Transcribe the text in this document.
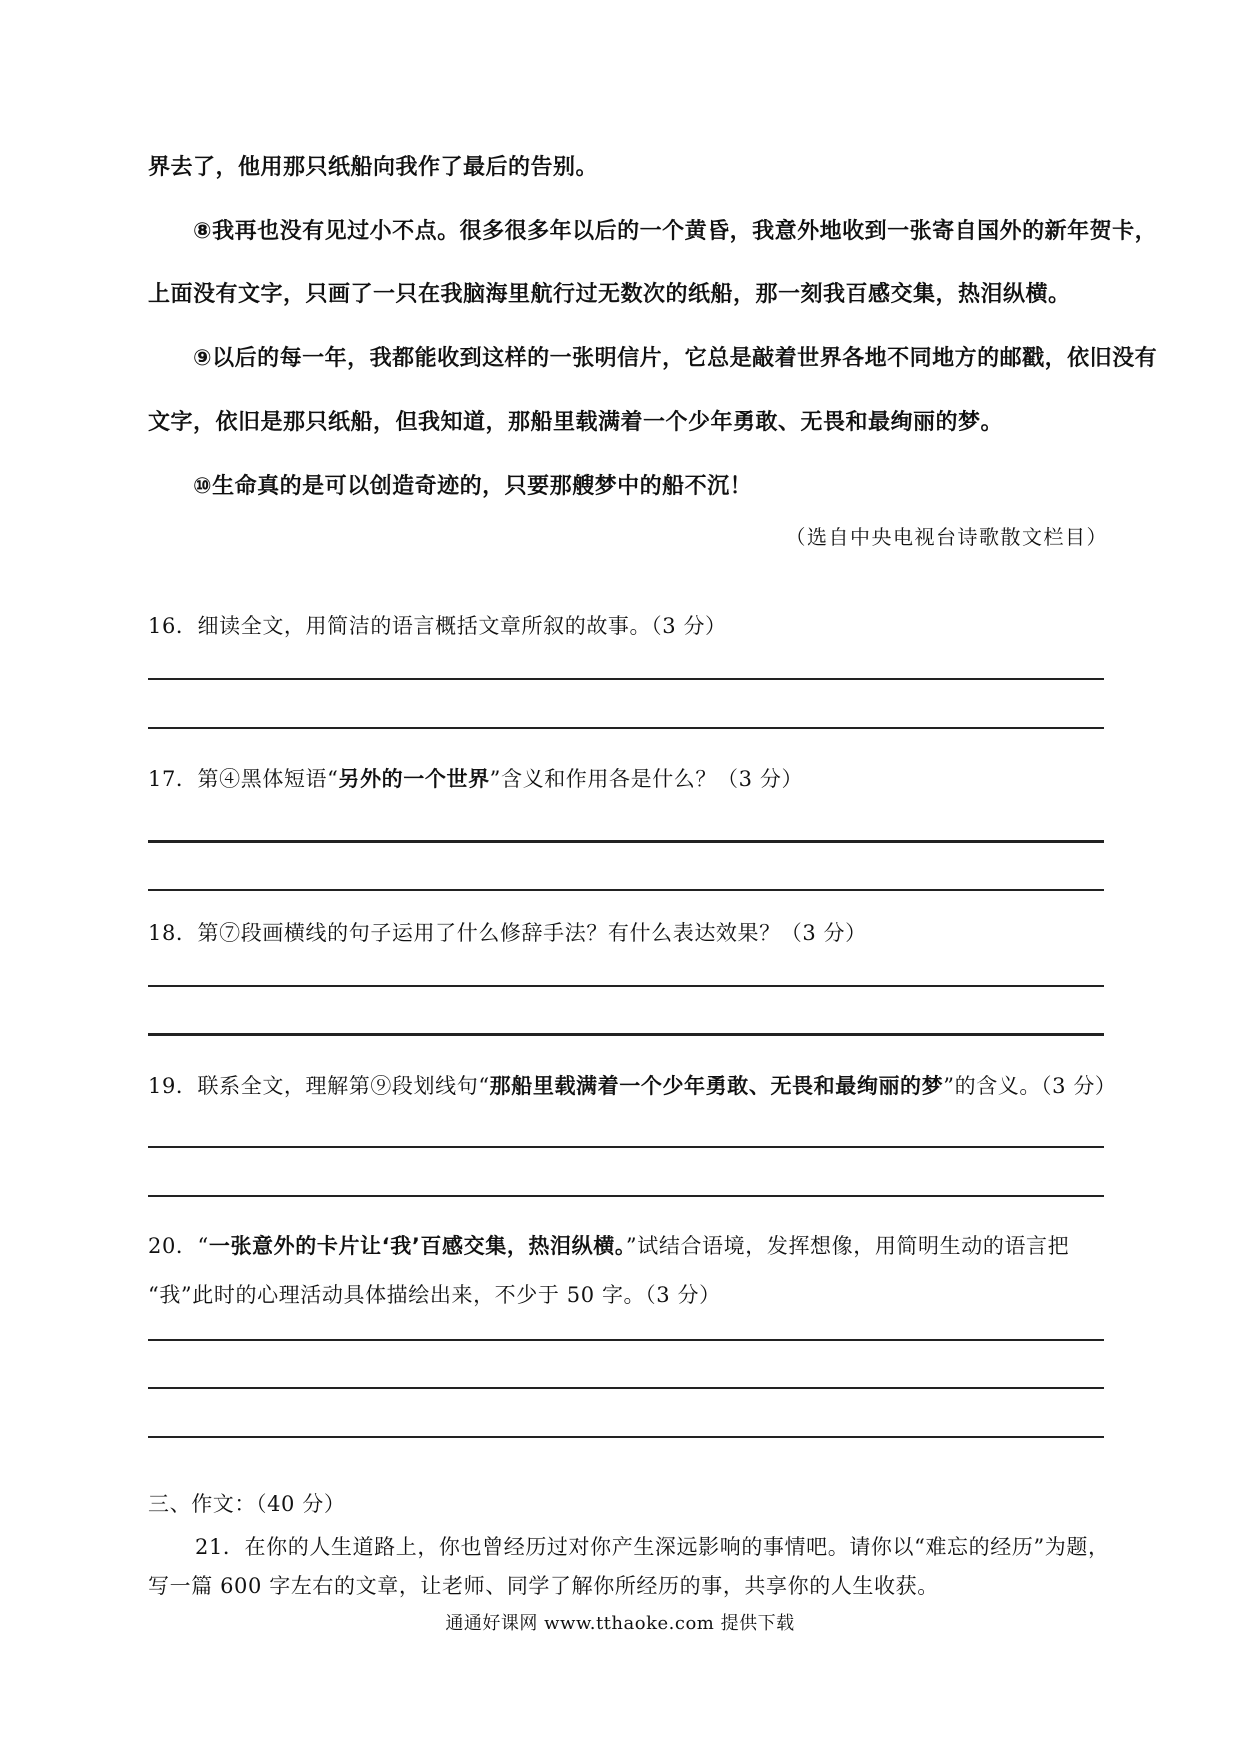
界去了，他用那只纸船向我作了最后的告别。
⑧我再也没有见过小不点。很多很多年以后的一个黄昏，我意外地收到一张寄自国外的新年贺卡，
上面没有文字，只画了一只在我脑海里航行过无数次的纸船，那一刻我百感交集，热泪纵横。
⑨以后的每一年，我都能收到这样的一张明信片，它总是敲着世界各地不同地方的邮戳，依旧没有
文字，依旧是那只纸船，但我知道，那船里载满着一个少年勇敢、无畏和最绚丽的梦。
⑩生命真的是可以创造奇迹的，只要那艘梦中的船不沉！
（选自中央电视台诗歌散文栏目）
16．细读全文，用简洁的语言概括文章所叙的故事。（3 分）
17．第④黑体短语“另外的一个世界”含义和作用各是什么？（3 分）
18．第⑦段画横线的句子运用了什么修辞手法？有什么表达效果？（3 分）
19．联系全文，理解第⑨段划线句“那船里载满着一个少年勇敢、无畏和最绚丽的梦”的含义。（3 分）
20．“一张意外的卡片让‘我’百感交集，热泪纵横。”试结合语境，发挥想像，用简明生动的语言把
“我”此时的心理活动具体描绘出来，不少于 50 字。（3 分）
三、作文：（40 分）
21．在你的人生道路上，你也曾经历过对你产生深远影响的事情吧。请你以“难忘的经历”为题，
写一篇 600 字左右的文章，让老师、同学了解你所经历的事，共享你的人生收获。
通通好课网 www.tthaoke.com 提供下载
